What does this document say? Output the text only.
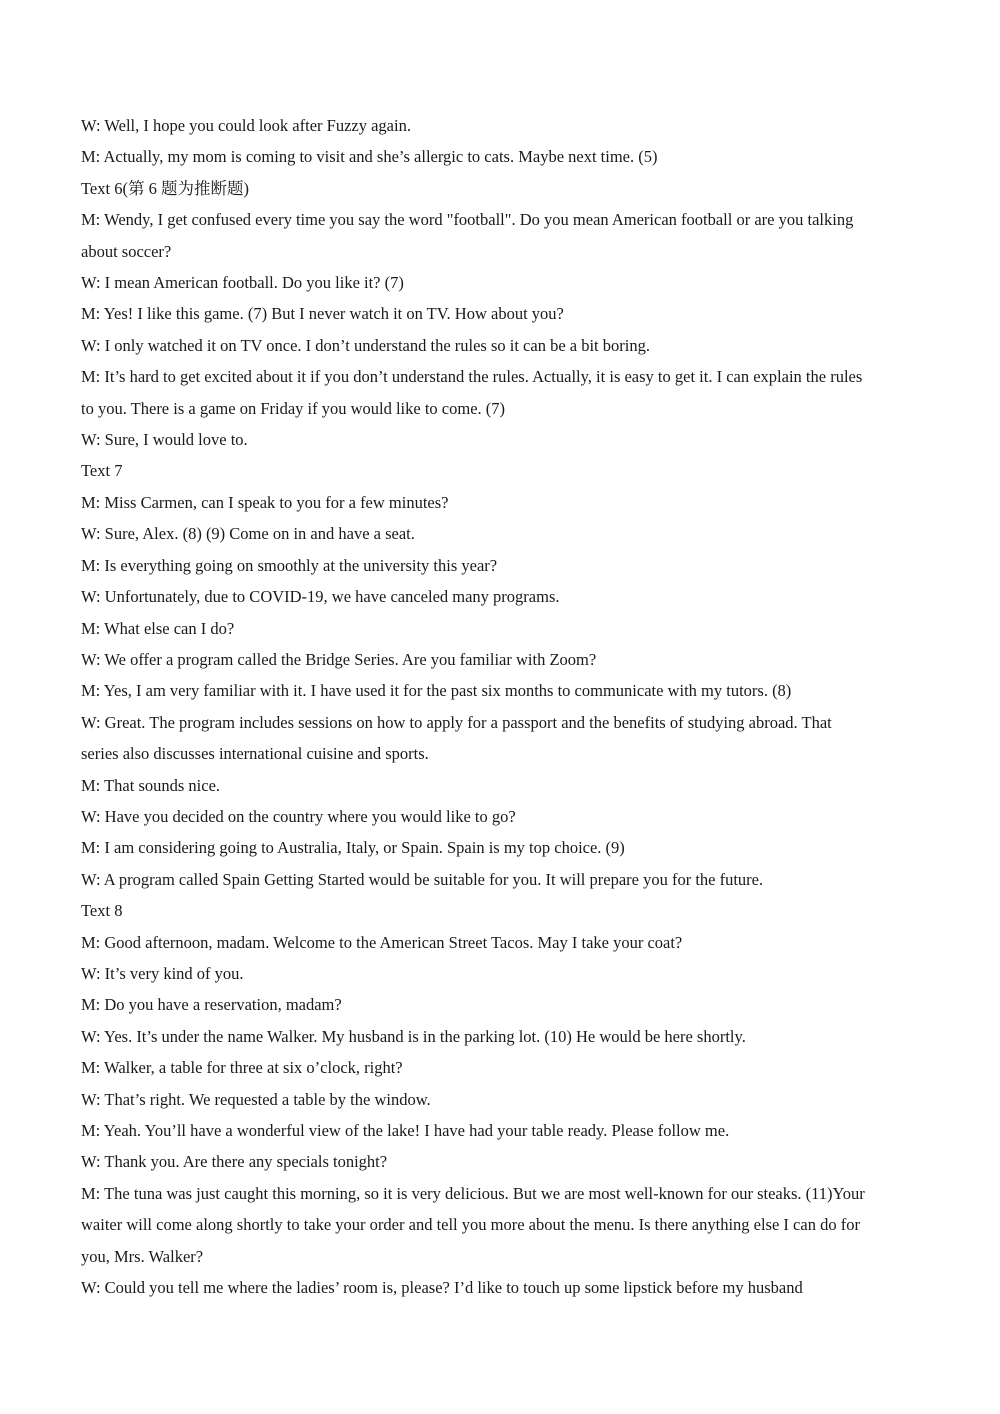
W: Well, I hope you could look after Fuzzy again.

M: Actually, my mom is coming to visit and she’s allergic to cats. Maybe next time. (5)

Text 6(第 6 题为推断题)

M: Wendy, I get confused every time you say the word "football". Do you mean American football or are you talking

about soccer?

W: I mean American football. Do you like it? (7)

M: Yes! I like this game. (7) But I never watch it on TV. How about you?

W: I only watched it on TV once. I don’t understand the rules so it can be a bit boring.

M: It’s hard to get excited about it if you don’t understand the rules. Actually, it is easy to get it. I can explain the rules

to you. There is a game on Friday if you would like to come. (7)

W: Sure, I would love to.

Text 7

M: Miss Carmen, can I speak to you for a few minutes?

W: Sure, Alex. (8) (9) Come on in and have a seat.

M: Is everything going on smoothly at the university this year?

W: Unfortunately, due to COVID-19, we have canceled many programs.

M: What else can I do?

W: We offer a program called the Bridge Series. Are you familiar with Zoom?

M: Yes, I am very familiar with it. I have used it for the past six months to communicate with my tutors. (8)

W: Great. The program includes sessions on how to apply for a passport and the benefits of studying abroad. That

series also discusses international cuisine and sports.

M: That sounds nice.

W: Have you decided on the country where you would like to go?

M: I am considering going to Australia, Italy, or Spain. Spain is my top choice. (9)

W: A program called Spain Getting Started would be suitable for you. It will prepare you for the future.

Text 8

M: Good afternoon, madam. Welcome to the American Street Tacos. May I take your coat?

W: It’s very kind of you.

M: Do you have a reservation, madam?

W: Yes. It’s under the name Walker. My husband is in the parking lot. (10) He would be here shortly.

M: Walker, a table for three at six o’clock, right?

W: That’s right. We requested a table by the window.

M: Yeah. You’ll have a wonderful view of the lake! I have had your table ready. Please follow me.

W: Thank you. Are there any specials tonight?

M: The tuna was just caught this morning, so it is very delicious. But we are most well-known for our steaks. (11)Your

waiter will come along shortly to take your order and tell you more about the menu. Is there anything else I can do for

you, Mrs. Walker?

W: Could you tell me where the ladies’ room is, please? I’d like to touch up some lipstick before my husband
